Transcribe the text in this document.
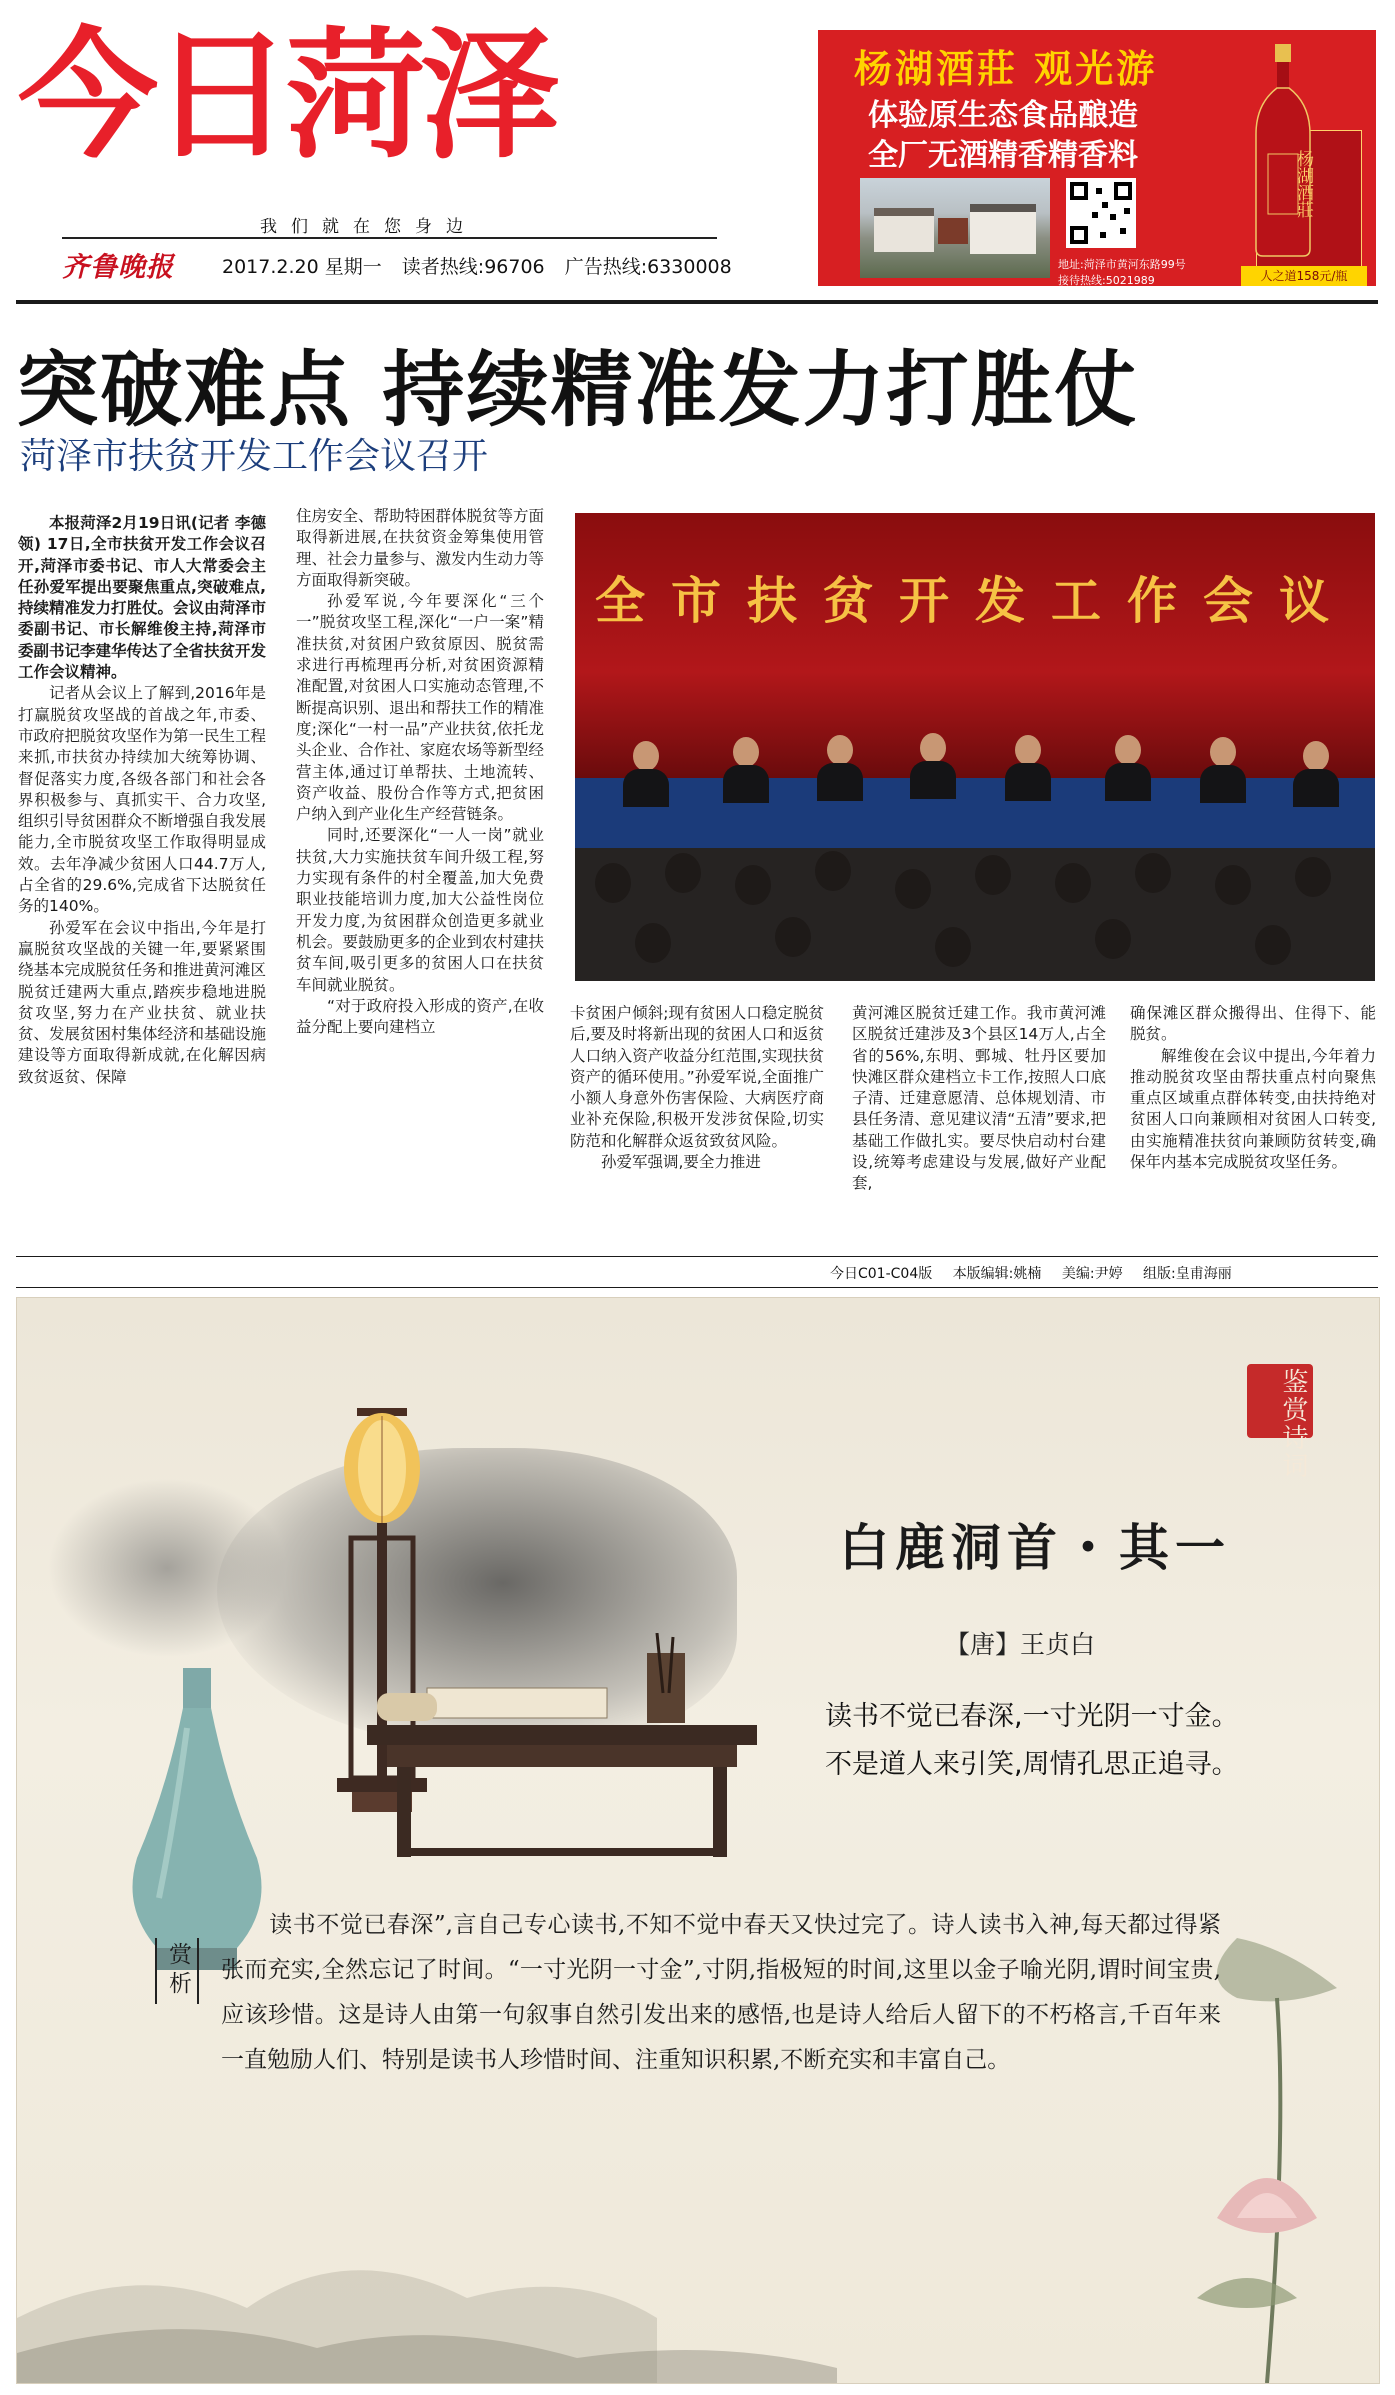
今日菏泽
我们就在您身边
齐鲁晚报	2017.2.20 星期一 读者热线:96706 广告热线:6330008
杨湖酒莊 观光游
体验原生态食品酿造
全厂无酒精香精香料
地址:菏泽市黄河东路99号
接待热线:5021989
杨湖酒莊
人之道158元/瓶
突破难点 持续精准发力打胜仗
菏泽市扶贫开发工作会议召开

本报菏泽2月19日讯(记者 李德领) 17日,全市扶贫开发工作会议召开,菏泽市委书记、市人大常委会主任孙爱军提出要聚焦重点,突破难点,持续精准发力打胜仗。会议由菏泽市委副书记、市长解维俊主持,菏泽市委副书记李建华传达了全省扶贫开发工作会议精神。

记者从会议上了解到,2016年是打赢脱贫攻坚战的首战之年,市委、市政府把脱贫攻坚作为第一民生工程来抓,市扶贫办持续加大统筹协调、督促落实力度,各级各部门和社会各界积极参与、真抓实干、合力攻坚,组织引导贫困群众不断增强自我发展能力,全市脱贫攻坚工作取得明显成效。去年净减少贫困人口44.7万人,占全省的29.6%,完成省下达脱贫任务的140%。

孙爱军在会议中指出,今年是打赢脱贫攻坚战的关键一年,要紧紧围绕基本完成脱贫任务和推进黄河滩区脱贫迁建两大重点,踏疾步稳地进脱贫攻坚,努力在产业扶贫、就业扶贫、发展贫困村集体经济和基础设施建设等方面取得新成就,在化解因病致贫返贫、保障

住房安全、帮助特困群体脱贫等方面取得新进展,在扶贫资金筹集使用管理、社会力量参与、激发内生动力等方面取得新突破。

孙爱军说,今年要深化“三个一”脱贫攻坚工程,深化“一户一案”精准扶贫,对贫困户致贫原因、脱贫需求进行再梳理再分析,对贫困资源精准配置,对贫困人口实施动态管理,不断提高识别、退出和帮扶工作的精准度;深化“一村一品”产业扶贫,依托龙头企业、合作社、家庭农场等新型经营主体,通过订单帮扶、土地流转、资产收益、股份合作等方式,把贫困户纳入到产业化生产经营链条。

同时,还要深化“一人一岗”就业扶贫,大力实施扶贫车间升级工程,努力实现有条件的村全覆盖,加大免费职业技能培训力度,加大公益性岗位开发力度,为贫困群众创造更多就业机会。要鼓励更多的企业到农村建扶贫车间,吸引更多的贫困人口在扶贫车间就业脱贫。

“对于政府投入形成的资产,在收益分配上要向建档立

全市扶贫开发工作会议

卡贫困户倾斜;现有贫困人口稳定脱贫后,要及时将新出现的贫困人口和返贫人口纳入资产收益分红范围,实现扶贫资产的循环使用。”孙爱军说,全面推广小额人身意外伤害保险、大病医疗商业补充保险,积极开发涉贫保险,切实防范和化解群众返贫致贫风险。

孙爱军强调,要全力推进

黄河滩区脱贫迁建工作。我市黄河滩区脱贫迁建涉及3个县区14万人,占全省的56%,东明、鄄城、牡丹区要加快滩区群众建档立卡工作,按照人口底子清、迁建意愿清、总体规划清、市县任务清、意见建议清“五清”要求,把基础工作做扎实。要尽快启动村台建设,统筹考虑建设与发展,做好产业配套,

确保滩区群众搬得出、住得下、能脱贫。

解维俊在会议中提出,今年着力推动脱贫攻坚由帮扶重点村向聚焦重点区域重点群体转变,由扶持绝对贫困人口向兼顾相对贫困人口转变,由实施精准扶贫向兼顾防贫转变,确保年内基本完成脱贫攻坚任务。

今日C01-C04版 本版编辑:姚楠 美编:尹婷 组版:皇甫海丽
鉴赏诗词
白鹿洞首・其一
【唐】王贞白
读书不觉已春深,一寸光阴一寸金。
不是道人来引笑,周情孔思正追寻。
赏析
读书不觉已春深”,言自己专心读书,不知不觉中春天又快过完了。诗人读书入神,每天都过得紧张而充实,全然忘记了时间。“一寸光阴一寸金”,寸阴,指极短的时间,这里以金子喻光阴,谓时间宝贵,应该珍惜。这是诗人由第一句叙事自然引发出来的感悟,也是诗人给后人留下的不朽格言,千百年来一直勉励人们、特别是读书人珍惜时间、注重知识积累,不断充实和丰富自己。
